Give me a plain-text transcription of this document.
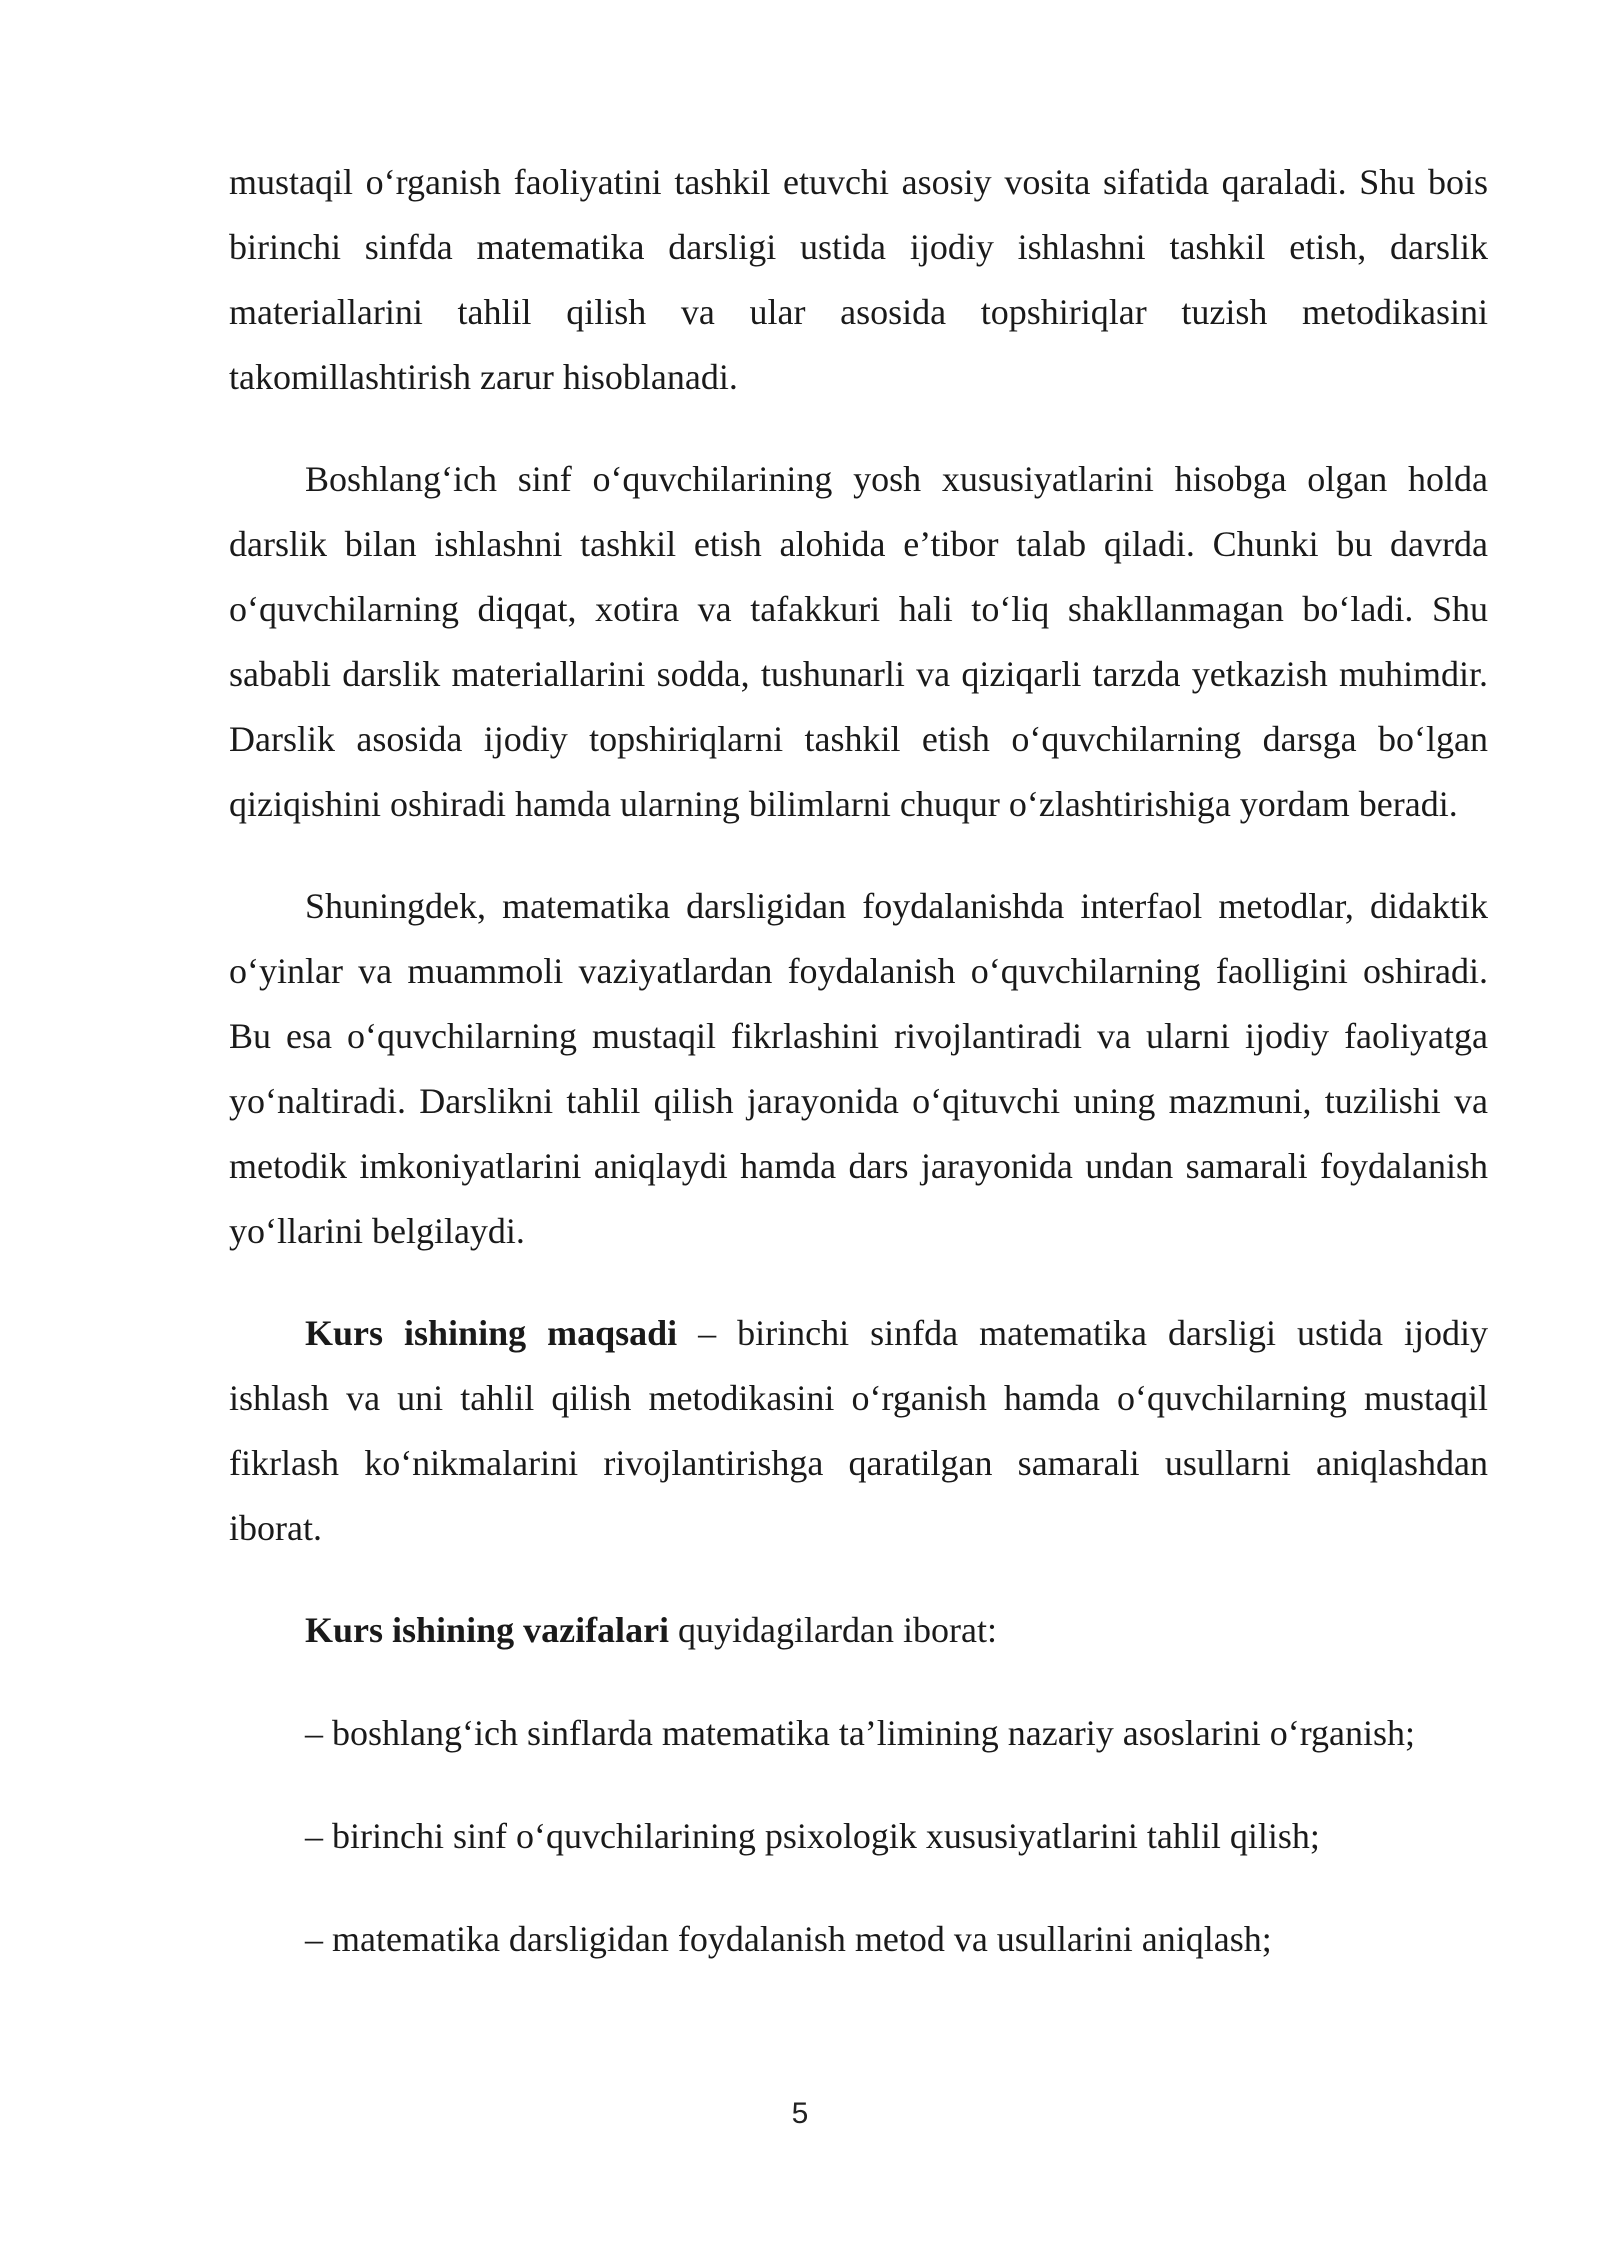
mustaqil o‘rganish faoliyatini tashkil etuvchi asosiy vosita sifatida qaraladi. Shu bois birinchi sinfda matematika darsligi ustida ijodiy ishlashni tashkil etish, darslik materiallarini tahlil qilish va ular asosida topshiriqlar tuzish metodikasini takomillashtirish zarur hisoblanadi.

Boshlang‘ich sinf o‘quvchilarining yosh xususiyatlarini hisobga olgan holda darslik bilan ishlashni tashkil etish alohida e’tibor talab qiladi. Chunki bu davrda o‘quvchilarning diqqat, xotira va tafakkuri hali to‘liq shakllanmagan bo‘ladi. Shu sababli darslik materiallarini sodda, tushunarli va qiziqarli tarzda yetkazish muhimdir. Darslik asosida ijodiy topshiriqlarni tashkil etish o‘quvchilarning darsga bo‘lgan qiziqishini oshiradi hamda ularning bilimlarni chuqur o‘zlashtirishiga yordam beradi.

Shuningdek, matematika darsligidan foydalanishda interfaol metodlar, didaktik o‘yinlar va muammoli vaziyatlardan foydalanish o‘quvchilarning faolligini oshiradi. Bu esa o‘quvchilarning mustaqil fikrlashini rivojlantiradi va ularni ijodiy faoliyatga yo‘naltiradi. Darslikni tahlil qilish jarayonida o‘qituvchi uning mazmuni, tuzilishi va metodik imkoniyatlarini aniqlaydi hamda dars jarayonida undan samarali foydalanish yo‘llarini belgilaydi.

Kurs ishining maqsadi – birinchi sinfda matematika darsligi ustida ijodiy ishlash va uni tahlil qilish metodikasini o‘rganish hamda o‘quvchilarning mustaqil fikrlash ko‘nikmalarini rivojlantirishga qaratilgan samarali usullarni aniqlashdan iborat.

Kurs ishining vazifalari quyidagilardan iborat:

– boshlang‘ich sinflarda matematika ta’limining nazariy asoslarini o‘rganish;

– birinchi sinf o‘quvchilarining psixologik xususiyatlarini tahlil qilish;

– matematika darsligidan foydalanish metod va usullarini aniqlash;

5
